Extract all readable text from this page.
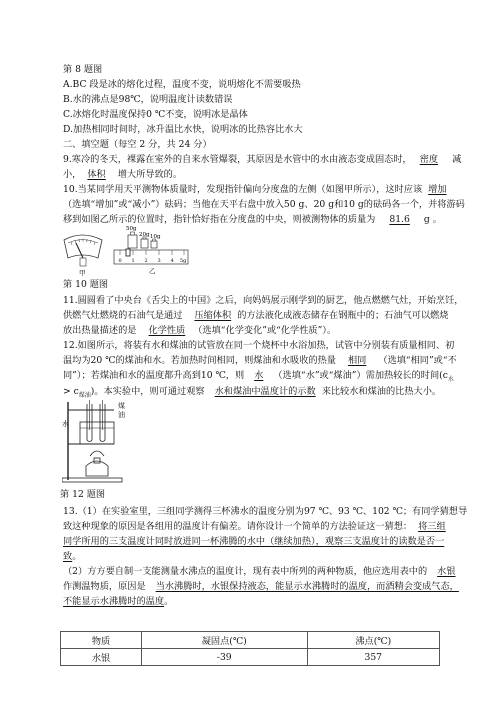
第 8 题图
A.BC 段是冰的熔化过程，温度不变，说明熔化不需要吸热
B.水的沸点是98℃，说明温度计读数错误
C.冰熔化时温度保持0 ℃不变，说明冰是晶体
D.加热相同时间时，冰升温比水快，说明冰的比热容比水大
二、填空题（每空 2 分，共 24 分）
9.寒冷的冬天，裸露在室外的自来水管爆裂，其原因是水管中的水由液态变成固态时， 密度 减
小， 体积 增大所导致的。
10.当某同学用天平测物体质量时，发现指针偏向分度盘的左侧（如图甲所示），这时应该 增加
（选填“增加”或“减小”）砝码；当他在天平右盘中放入50 g、20 g和10 g的砝码各一个，并将游码
移到如图乙所示的位置时，指针恰好指在分度盘的中央，则被测物体的质量为 81.6 g 。
甲
50g
20g 10g
0 1 2 3 4 5g
乙
第 10 题图
11.圆圆看了中央台《舌尖上的中国》之后，向妈妈展示刚学到的厨艺，他点燃燃气灶，开始烹饪，
供燃气灶燃烧的石油气是通过 压缩体积 的方法液化成液态储存在钢瓶中的；石油气可以燃烧
放出热量描述的是 化学性质 （选填“化学变化”或“化学性质”）。
12.如图所示，将装有水和煤油的试管放在同一个烧杯中水浴加热，试管中分别装有质量相同、初
温均为20 ℃的煤油和水。若加热时间相同，则煤油和水吸收的热量 相同 （选填“相同”或“不
同”）；若煤油和水的温度都升高到10 ℃，则 水 （选填“水”或“煤油”）需加热较长的时间($c_水$
> $c_{煤油}$)。本实验中，则可通过观察 水和煤油中温度计的示数 来比较水和煤油的比热大小。
水
煤油
第 12 题图
13.（1）在实验室里，三组同学测得三杯沸水的温度分别为97 ℃、93 ℃、102 ℃；有同学猜想导
致这种现象的原因是各组用的温度计有偏差。请你设计一个简单的方法验证这一猜想： 将三组
同学所用的三支温度计同时放进同一杯沸腾的水中（继续加热），观察三支温度计的读数是否一
致。
（2）方方要自制一支能测量水沸点的温度计，现有表中所列的两种物质，他应选用表中的 水银
作测温物质，原因是 当水沸腾时，水银保持液态，能显示水沸腾时的温度，而酒精会变成气态，
不能显示水沸腾时的温度。
物质	凝固点(℃)	沸点(℃)
水银	-39	357
